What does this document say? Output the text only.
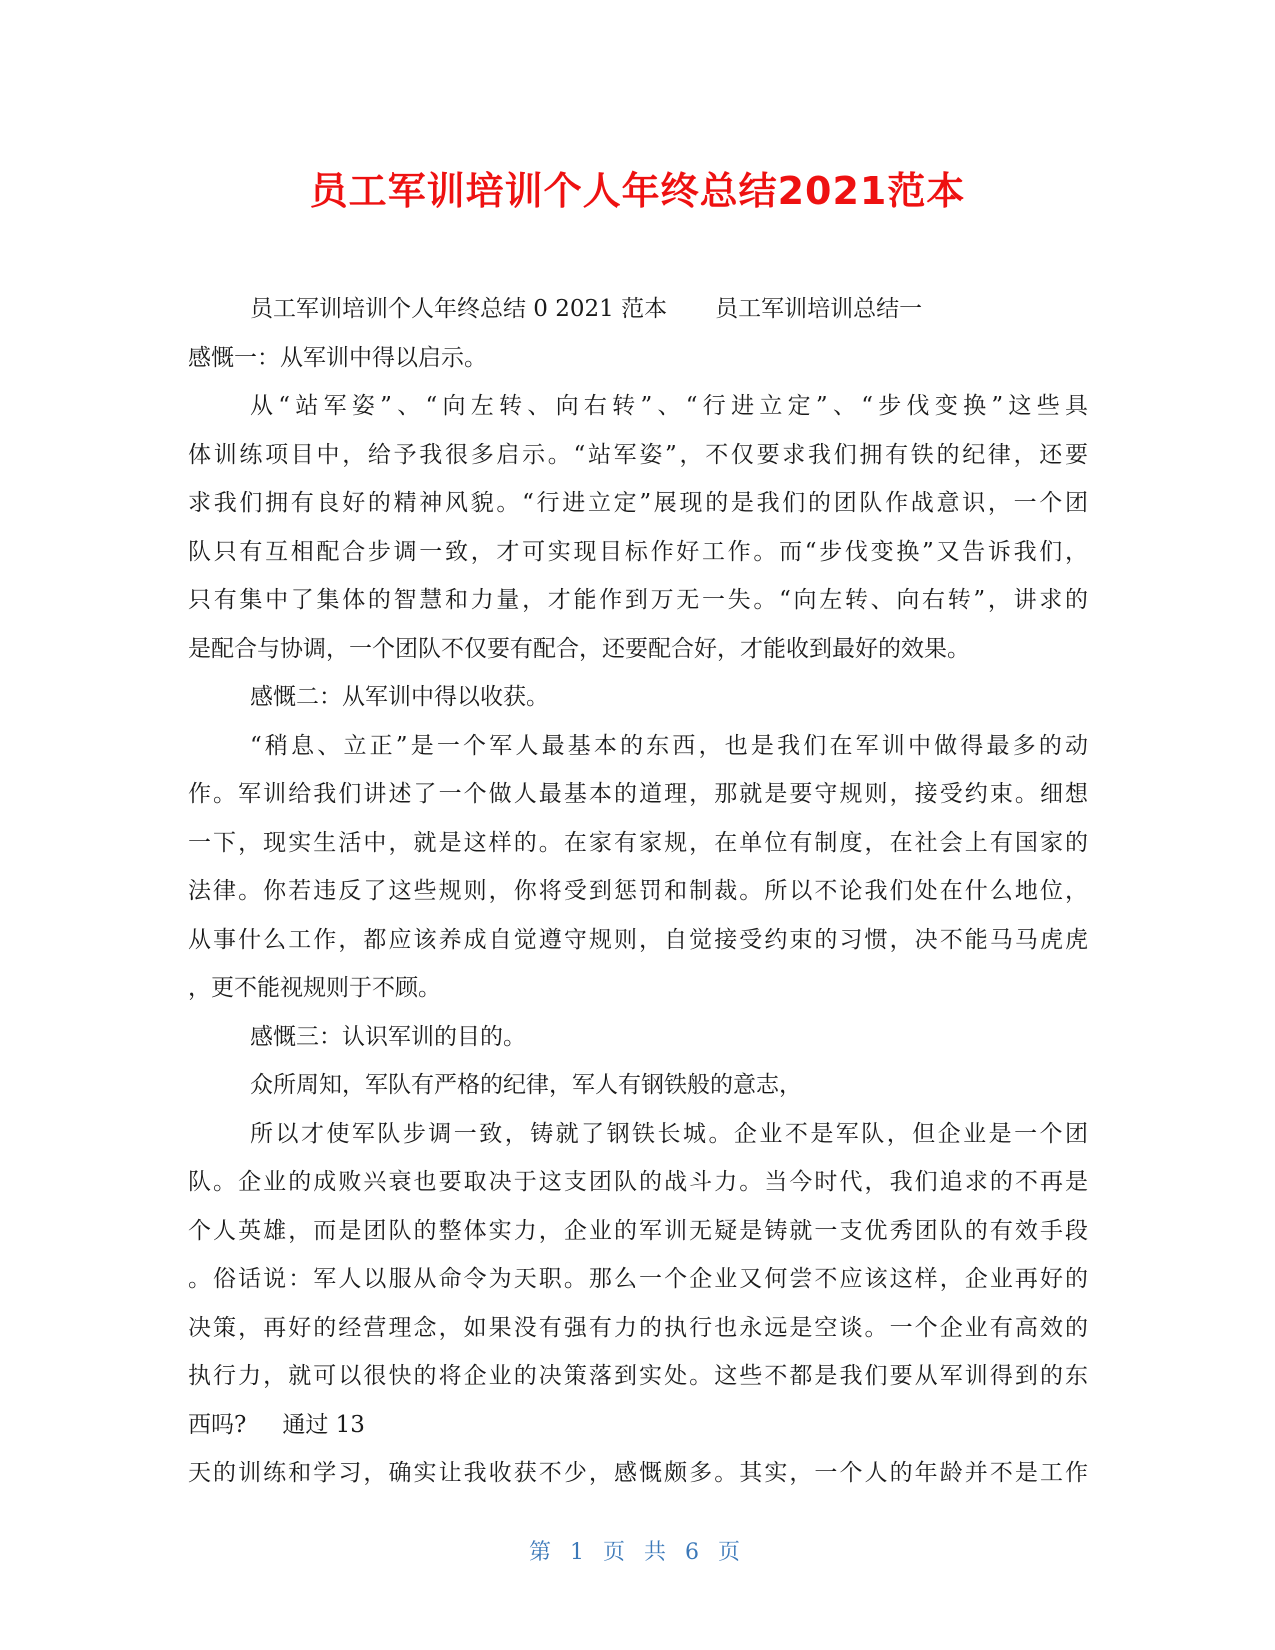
员工军训培训个人年终总结2021范本
员工军训培训个人年终总结 0 2021 范本 员工军训培训总结一
感慨一：从军训中得以启示。
从“站军姿”、“向左转、向右转”、“行进立定”、“步伐变换”这些具
体训练项目中，给予我很多启示。“站军姿”，不仅要求我们拥有铁的纪律，还要
求我们拥有良好的精神风貌。“行进立定”展现的是我们的团队作战意识，一个团
队只有互相配合步调一致，才可实现目标作好工作。而“步伐变换”又告诉我们，
只有集中了集体的智慧和力量，才能作到万无一失。“向左转、向右转”，讲求的
是配合与协调，一个团队不仅要有配合，还要配合好，才能收到最好的效果。
感慨二：从军训中得以收获。
“稍息、立正”是一个军人最基本的东西，也是我们在军训中做得最多的动
作。军训给我们讲述了一个做人最基本的道理，那就是要守规则，接受约束。细想
一下，现实生活中，就是这样的。在家有家规，在单位有制度，在社会上有国家的
法律。你若违反了这些规则，你将受到惩罚和制裁。所以不论我们处在什么地位，
从事什么工作，都应该养成自觉遵守规则，自觉接受约束的习惯，决不能马马虎虎
，更不能视规则于不顾。
感慨三：认识军训的目的。
众所周知，军队有严格的纪律，军人有钢铁般的意志，
所以才使军队步调一致，铸就了钢铁长城。企业不是军队，但企业是一个团
队。企业的成败兴衰也要取决于这支团队的战斗力。当今时代，我们追求的不再是
个人英雄，而是团队的整体实力，企业的军训无疑是铸就一支优秀团队的有效手段
。俗话说：军人以服从命令为天职。那么一个企业又何尝不应该这样，企业再好的
决策，再好的经营理念，如果没有强有力的执行也永远是空谈。一个企业有高效的
执行力，就可以很快的将企业的决策落到实处。这些不都是我们要从军训得到的东
西吗? 通过 13
天的训练和学习，确实让我收获不少，感慨颇多。其实，一个人的年龄并不是工作
第 1 页 共 6 页
